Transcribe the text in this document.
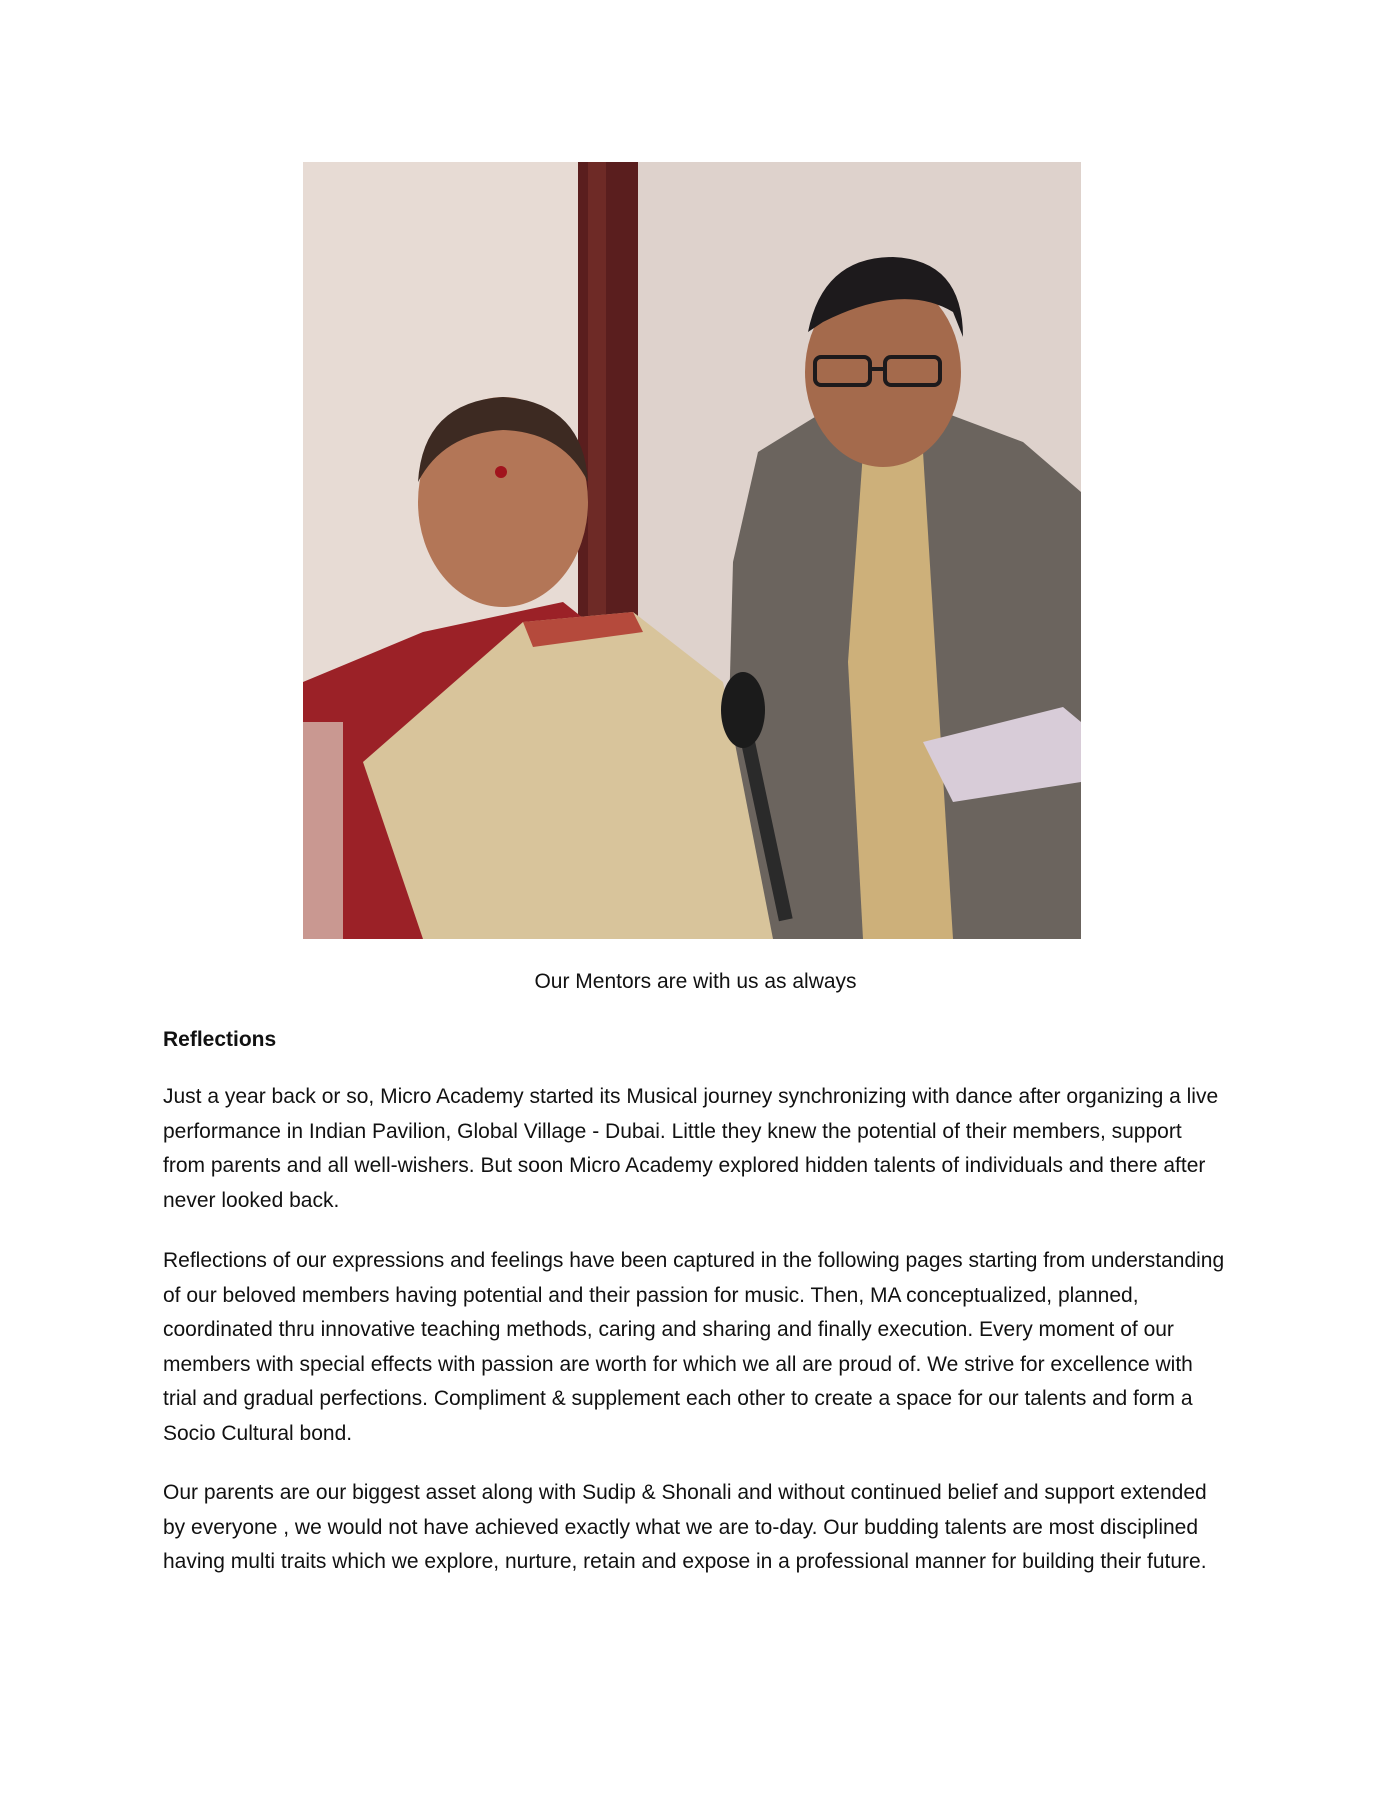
Our Mentors are with us as always
Reflections

Just a year back or so, Micro Academy started its Musical journey synchronizing with dance after organizing a live performance in Indian Pavilion, Global Village - Dubai. Little they knew the potential of their members, support from parents and all well-wishers. But soon Micro Academy explored hidden talents of individuals and there after never looked back.

Reflections of our expressions and feelings have been captured in the following pages starting from understanding of our beloved members having potential and their passion for music. Then, MA conceptualized, planned, coordinated thru innovative teaching methods, caring and sharing and finally execution. Every moment of our members with special effects with passion are worth for which we all are proud of. We strive for excellence with trial and gradual perfections. Compliment & supplement each other to create a space for our talents and form a Socio Cultural bond.

Our parents are our biggest asset along with Sudip & Shonali and without continued belief and support extended by everyone , we would not have achieved exactly what we are to-day. Our budding talents are most disciplined having multi traits which we explore, nurture, retain and expose in a professional manner for building their future.
